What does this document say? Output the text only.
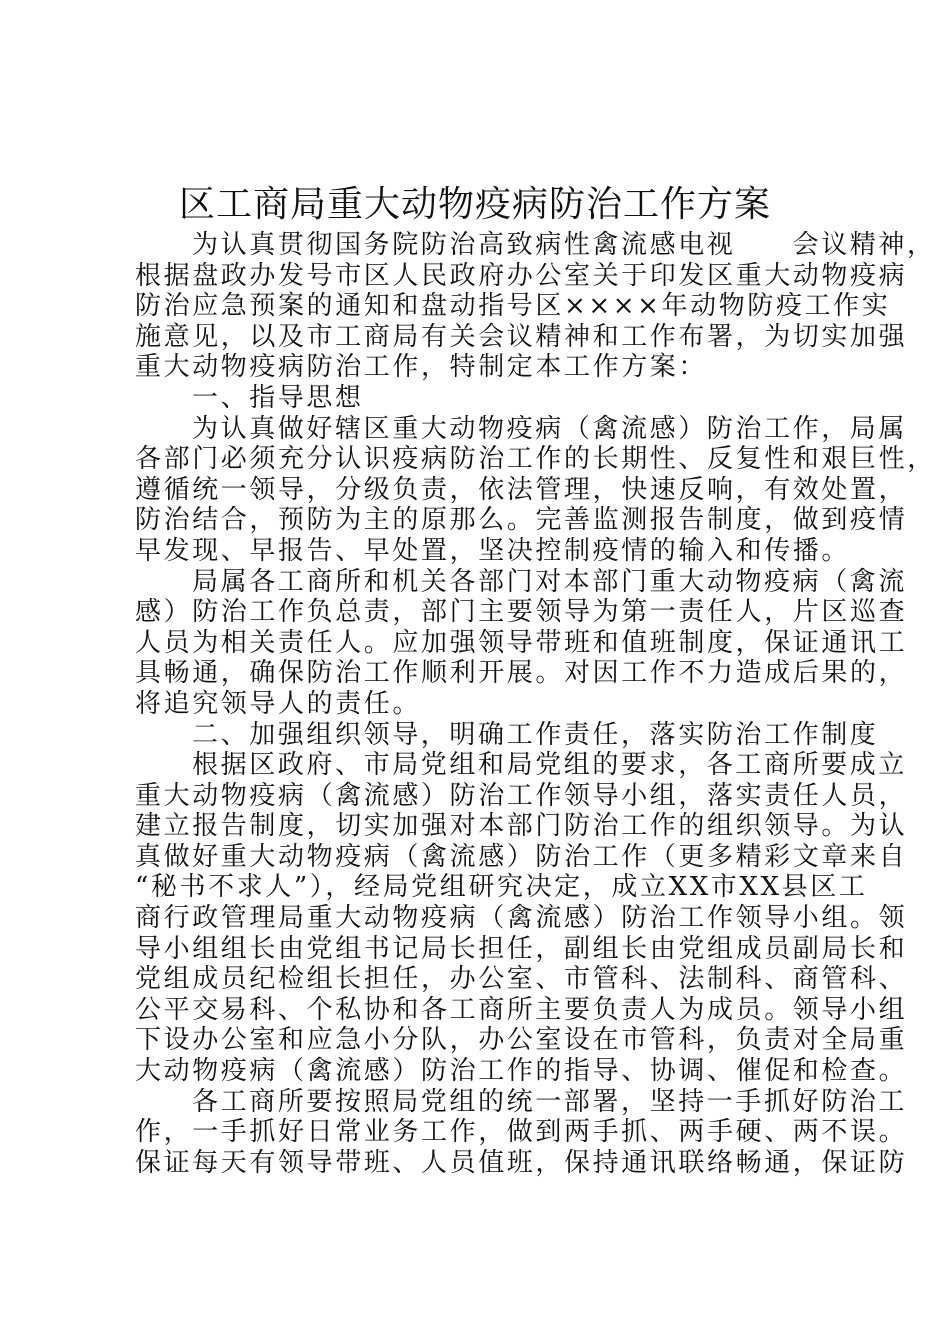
区工商局重大动物疫病防治工作方案
为认真贯彻国务院防治高致病性禽流感电视　　会议精神，
根据盘政办发号市区人民政府办公室关于印发区重大动物疫病
防治应急预案的通知和盘动指号区××××年动物防疫工作实
施意见，以及市工商局有关会议精神和工作布署，为切实加强
重大动物疫病防治工作，特制定本工作方案：
一、指导思想
为认真做好辖区重大动物疫病（禽流感）防治工作，局属
各部门必须充分认识疫病防治工作的长期性、反复性和艰巨性，
遵循统一领导，分级负责，依法管理，快速反响，有效处置，
防治结合，预防为主的原那么。完善监测报告制度，做到疫情
早发现、早报告、早处置，坚决控制疫情的输入和传播。
局属各工商所和机关各部门对本部门重大动物疫病（禽流
感）防治工作负总责，部门主要领导为第一责任人，片区巡查
人员为相关责任人。应加强领导带班和值班制度，保证通讯工
具畅通，确保防治工作顺利开展。对因工作不力造成后果的，
将追究领导人的责任。
二、加强组织领导，明确工作责任，落实防治工作制度
根据区政府、市局党组和局党组的要求，各工商所要成立
重大动物疫病（禽流感）防治工作领导小组，落实责任人员，
建立报告制度，切实加强对本部门防治工作的组织领导。为认
真做好重大动物疫病（禽流感）防治工作（更多精彩文章来自
“秘书不求人”），经局党组研究决定，成立XX市XX县区工
商行政管理局重大动物疫病（禽流感）防治工作领导小组。领
导小组组长由党组书记局长担任，副组长由党组成员副局长和
党组成员纪检组长担任，办公室、市管科、法制科、商管科、
公平交易科、个私协和各工商所主要负责人为成员。领导小组
下设办公室和应急小分队，办公室设在市管科，负责对全局重
大动物疫病（禽流感）防治工作的指导、协调、催促和检查。
各工商所要按照局党组的统一部署，坚持一手抓好防治工
作，一手抓好日常业务工作，做到两手抓、两手硬、两不误。
保证每天有领导带班、人员值班，保持通讯联络畅通，保证防
